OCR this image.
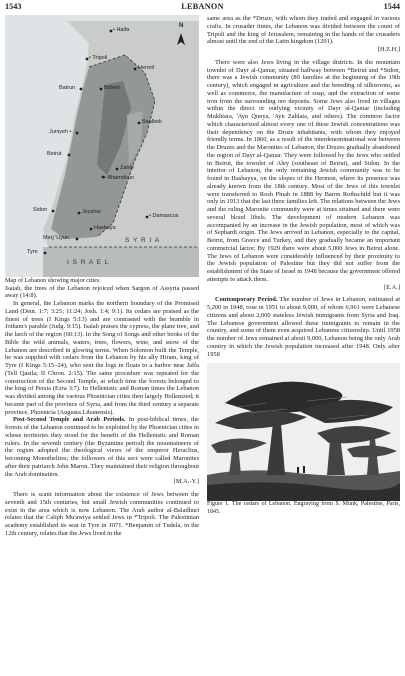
1543	LEBANON	1544
N
• Haifa
• Tripoli
Hermil
Batrun	Bsheri
Juniyeh •
Baalbek
Beirut
Zahle
• Bhamdoun
Sidon	Jezzine
• Damascus
Hasbaya
Merj 'Uyun
Tyre
S Y R I A
I S R A E L

Map of Lebanon showing major cities.

Isaiah, the trees of the Lebanon rejoiced when Sargon of Assyria passed away (14:8).

In general, the Lebanon marks the northern boundary of the Promised Land (Deut. 1:7; 3:25; 11:24; Josh. 1:4; 9:1). Its cedars are praised as the finest of trees (I Kings 5:13) and are contrasted with the bramble in Jotham's parable (Judg. 9:15). Isaiah praises the cypress, the plane tree, and the larch of the region (60:13). In the Song of Songs and other books of the Bible the wild animals, waters, trees, flowers, wine, and snow of the Lebanon are described in glowing terms. When Solomon built the Temple, he was supplied with cedars from the Lebanon by his ally Hiram, king of Tyre (I Kings 5:15–24), who sent the logs in floats to a harbor near Jaffa (Tell Qasila; II Chron. 2:15). The same procedure was repeated for the construction of the Second Temple, at which time the forests belonged to the king of Persia (Ezra 3:7). In Hellenistic and Roman times the Lebanon was divided among the various Phoenician cities then largely Hellenized; it became part of the province of Syria, and from the third century a separate province, Phoenicia (Augusta Libanensis).

Post-Second Temple and Arab Periods. In post-biblical times, the forests of the Lebanon continued to be exploited by the Phoenician cities in whose territories they stood for the benefit of the Hellenistic and Roman rulers. In the seventh century (the Byzantine period) the mountaineers of the region adopted the theological views of the emperor Heraclius, becoming Monothelites; the followers of this sect were called Maronites after their patriarch John Maron. They maintained their religion throughout the Arab domination.

[M.A.-Y.]

There is scant information about the existence of Jews between the seventh and 15th centuries, but small Jewish communities continued to exist in the area which is now Lebanon. The Arab author al-Baladhuri relates that the Caliph Mu'awiya settled Jews in *Tripoli. The Palestinian academy established its seat in Tyre in 1071. *Benjamin of Tudela, in the 12th century, relates that the Jews lived in the

same area as the *Druze, with whom they traded and engaged in various crafts. In crusader times, the Lebanon was divided between the count of Tripoli and the king of Jerusalem, remaining in the hands of the crusaders almost until the end of the Latin kingdom (1291).

[H.Z.H.]

There were also Jews living in the village districts. In the mountain townlet of Dayr al-Qamar, situated halfway between *Beirut and *Sidon, there was a Jewish community (80 families at the beginning of the 19th century), which engaged in agriculture and the breeding of silkworms, as well as commerce, the manufacture of soap, and the extraction of some iron from the surrounding ore deposits. Some Jews also lived in villages within the direct or outlying vicinity of Dayr al-Qamar (including Mukhtara, 'Ayn Qunya, 'Ayn Zahlata, and others). The common factor which characterized almost every one of these Jewish concentrations was their dependency on the Druze inhabitants, with whom they enjoyed friendly terms. In 1860, as a result of the interdenominational war between the Druzes and the Maronites of Lebanon, the Druzes gradually abandoned the region of Dayr al-Qamar. They were followed by the Jews who settled in Beirut, the townlet of Aley (southeast of Beirut), and Sidon. In the interior of Lebanon, the only remaining Jewish community was to be found in Hasbayya, on the slopes of the Hermon, where its presence was already known from the 18th century. Most of the Jews of this townlet were transferred to Rosh Pinah in 1888 by Baron Rothschild but it was only in 1913 that the last three families left. The relations between the Jews and the ruling Maronite community were at times strained and there were several blood libels. The development of modern Lebanon was accompanied by an increase in the Jewish population, most of which was of Sephardi origin. The Jews arrived in Lebanon, especially to the capital, Beirut, from Greece and Turkey, and they gradually became an important commercial factor. By 1929 there were about 5,000 Jews in Beirut alone. The Jews of Lebanon were considerably influenced by their proximity to the Jewish population of Palestine but they did not suffer from the establishment of the State of Israel in 1948 because the government offered attempts to attack them.

[E.A.]

Contemporary Period. The number of Jews in Lebanon, estimated at 5,200 in 1948, rose in 1951 to about 9,000, of whom 6,961 were Lebanese citizens and about 2,000 stateless Jewish immigrants from Syria and Iraq. The Lebanese government allowed these immigrants to remain in the country, and some of them even acquired Lebanese citizenship. Until 1958 the number of Jews remained at about 9,000, Lebanon being the only Arab country in which the Jewish population increased after 1948. Only after 1958

Figure 1. The cedars of Lebanon. Engraving from S. Munk, Palestine, Paris, 1845.
